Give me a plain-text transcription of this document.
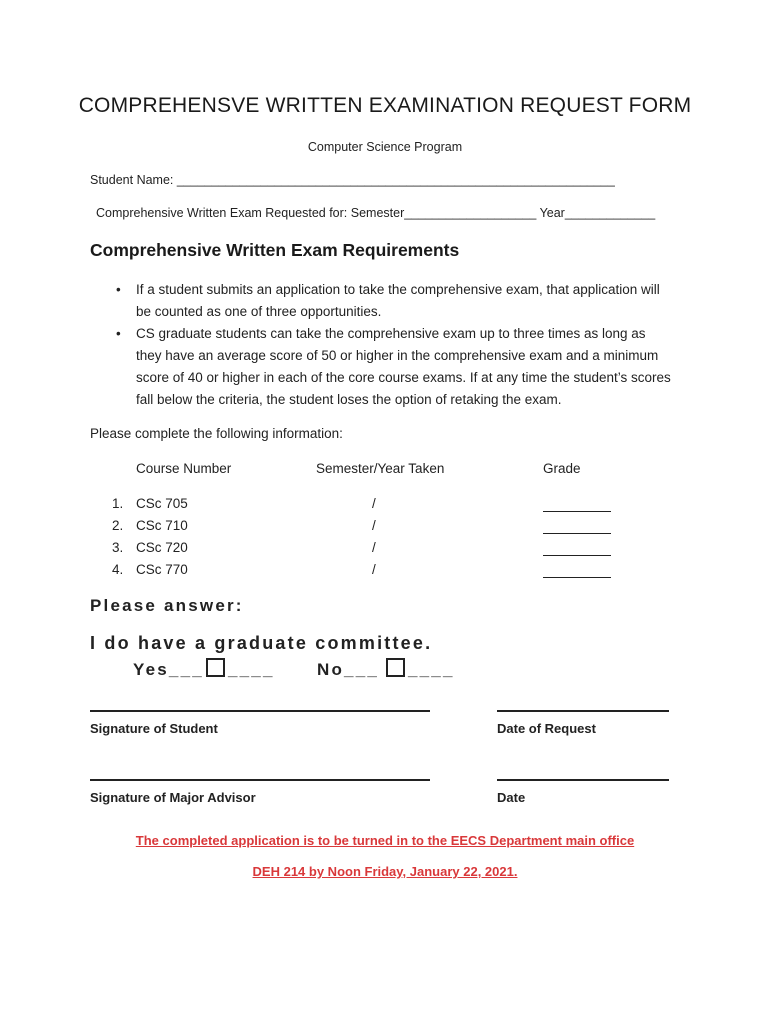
COMPREHENSVE WRITTEN EXAMINATION REQUEST FORM
Computer Science Program
Student Name: _______________________________________________________________
Comprehensive Written Exam Requested for: Semester___________________ Year_____________
Comprehensive Written Exam Requirements
• If a student submits an application to take the comprehensive exam, that application will be counted as one of three opportunities.
• CS graduate students can take the comprehensive exam up to three times as long as they have an average score of 50 or higher in the comprehensive exam and a minimum score of 40 or higher in each of the core course exams. If at any time the student’s scores fall below the criteria, the student loses the option of retaking the exam.
Please complete the following information:
Course Number	Semester/Year Taken	Grade
1. CSc 705	/
2. CSc 710	/
3. CSc 720	/
4. CSc 770	/
Please answer:
I do have a graduate committee.
Yes___ ____ No___ ____
Signature of Student	Date of Request
Signature of Major Advisor	Date
The completed application is to be turned in to the EECS Department main office
DEH 214 by Noon Friday, January 22, 2021.
